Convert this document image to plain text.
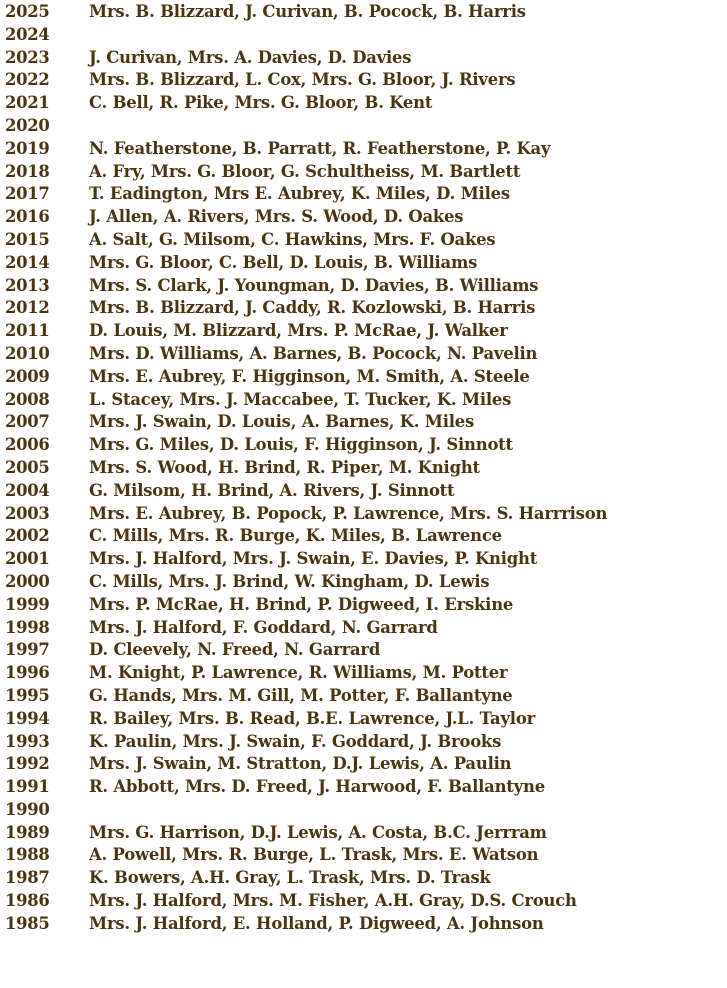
2025	Mrs. B. Blizzard, J. Curivan, B. Pocock, B. Harris
2024
2023	J. Curivan, Mrs. A. Davies, D. Davies
2022	Mrs. B. Blizzard, L. Cox, Mrs. G. Bloor, J. Rivers
2021	C. Bell, R. Pike, Mrs. G. Bloor, B. Kent
2020
2019	N. Featherstone, B. Parratt, R. Featherstone, P. Kay
2018	A. Fry, Mrs. G. Bloor, G. Schultheiss, M. Bartlett
2017	T. Eadington, Mrs E. Aubrey, K. Miles, D. Miles
2016	J. Allen, A. Rivers, Mrs. S. Wood, D. Oakes
2015	A. Salt, G. Milsom, C. Hawkins, Mrs. F. Oakes
2014	Mrs. G. Bloor, C. Bell, D. Louis, B. Williams
2013	Mrs. S. Clark, J. Youngman, D. Davies, B. Williams
2012	Mrs. B. Blizzard, J. Caddy, R. Kozlowski, B. Harris
2011	D. Louis, M. Blizzard, Mrs. P. McRae, J. Walker
2010	Mrs. D. Williams, A. Barnes, B. Pocock, N. Pavelin
2009	Mrs. E. Aubrey, F. Higginson, M. Smith, A. Steele
2008	L. Stacey, Mrs. J. Maccabee, T. Tucker, K. Miles
2007	Mrs. J. Swain, D. Louis, A. Barnes, K. Miles
2006	Mrs. G. Miles, D. Louis, F. Higginson, J. Sinnott
2005	Mrs. S. Wood, H. Brind, R. Piper, M. Knight
2004	G. Milsom, H. Brind, A. Rivers, J. Sinnott
2003	Mrs. E. Aubrey, B. Popock, P. Lawrence, Mrs. S. Harrrison
2002	C. Mills, Mrs. R. Burge, K. Miles, B. Lawrence
2001	Mrs. J. Halford, Mrs. J. Swain, E. Davies, P. Knight
2000	C. Mills, Mrs. J. Brind, W. Kingham, D. Lewis
1999	Mrs. P. McRae, H. Brind, P. Digweed, I. Erskine
1998	Mrs. J. Halford, F. Goddard, N. Garrard
1997	D. Cleevely, N. Freed, N. Garrard
1996	M. Knight, P. Lawrence, R. Williams, M. Potter
1995	G. Hands, Mrs. M. Gill, M. Potter, F. Ballantyne
1994	R. Bailey, Mrs. B. Read, B.E. Lawrence, J.L. Taylor
1993	K. Paulin, Mrs. J. Swain, F. Goddard, J. Brooks
1992	Mrs. J. Swain, M. Stratton, D.J. Lewis, A. Paulin
1991	R. Abbott, Mrs. D. Freed, J. Harwood, F. Ballantyne
1990
1989	Mrs. G. Harrison, D.J. Lewis, A. Costa, B.C. Jerrram
1988	A. Powell, Mrs. R. Burge, L. Trask, Mrs. E. Watson
1987	K. Bowers, A.H. Gray, L. Trask, Mrs. D. Trask
1986	Mrs. J. Halford, Mrs. M. Fisher, A.H. Gray, D.S. Crouch
1985	Mrs. J. Halford, E. Holland, P. Digweed, A. Johnson
